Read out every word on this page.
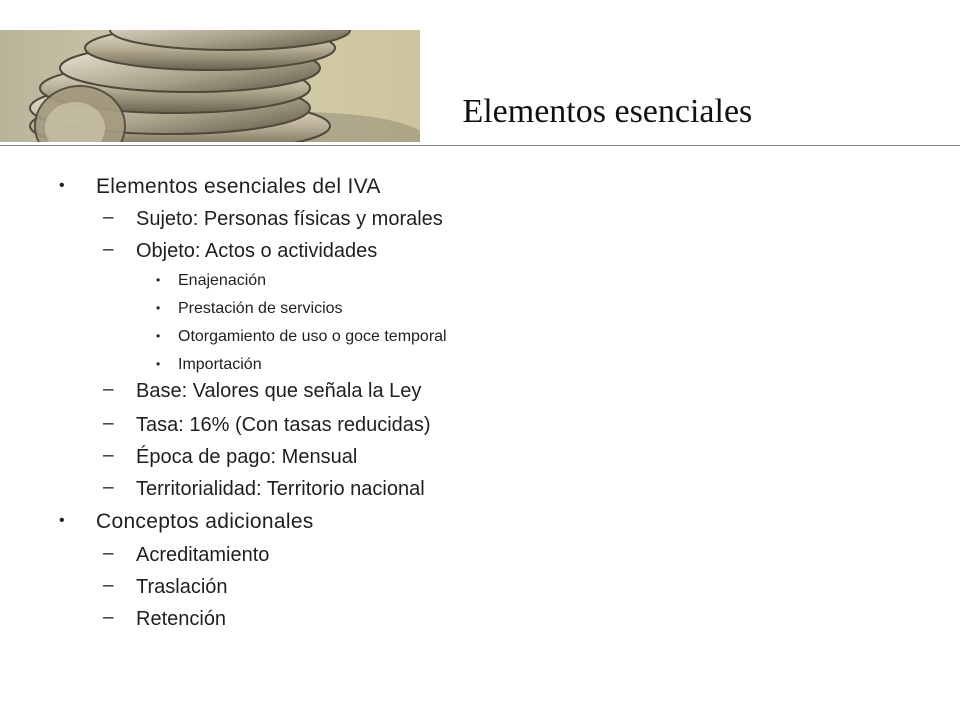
Elementos esenciales
• Elementos esenciales del IVA
– Sujeto: Personas físicas y morales
– Objeto: Actos o actividades
• Enajenación
• Prestación de servicios
• Otorgamiento de uso o goce temporal
• Importación
– Base: Valores que señala la Ley
– Tasa: 16% (Con tasas reducidas)
– Época de pago: Mensual
– Territorialidad: Territorio nacional
• Conceptos adicionales
– Acreditamiento
– Traslación
– Retención
